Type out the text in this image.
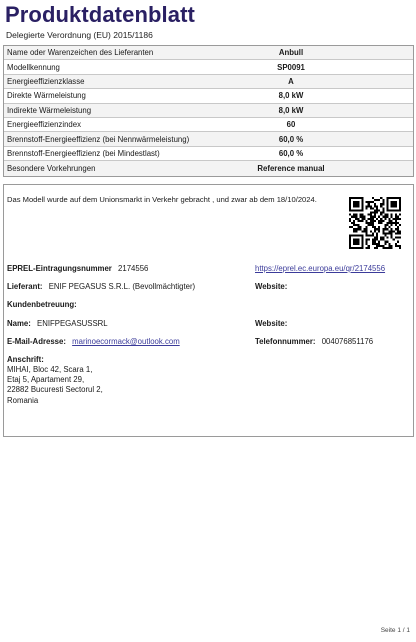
Produktdatenblatt
Delegierte Verordnung (EU) 2015/1186
Name oder Warenzeichen des Lieferanten	Anbull
Modellkennung	SP0091
Energieeffizienzklasse	A
Direkte Wärmeleistung	8,0 kW
Indirekte Wärmeleistung	8,0 kW
Energieeffizienzindex	60
Brennstoff-Energieeffizienz (bei Nennwärmeleistung)	60,0 %
Brennstoff-Energieeffizienz (bei Mindestlast)	60,0 %
Besondere Vorkehrungen	Reference manual
Das Modell wurde auf dem Unionsmarkt in Verkehr gebracht , und zwar ab dem 18/10/2024.
EPREL-Eintragungsnummer 2174556	https://eprel.ec.europa.eu/qr/2174556
Lieferant: ENIF PEGASUS S.R.L. (Bevollmächtigter)	Website:
Kundenbetreuung:
Name: ENIFPEGASUSSRL	Website:
E-Mail-Adresse: marinoecormack@outlook.com	Telefonnummer: 004076851176
Anschrift:
MIHAI, Bloc 42, Scara 1,
Etaj 5, Apartament 29,
22882 Bucuresti Sectorul 2,
Romania
Seite 1 / 1
